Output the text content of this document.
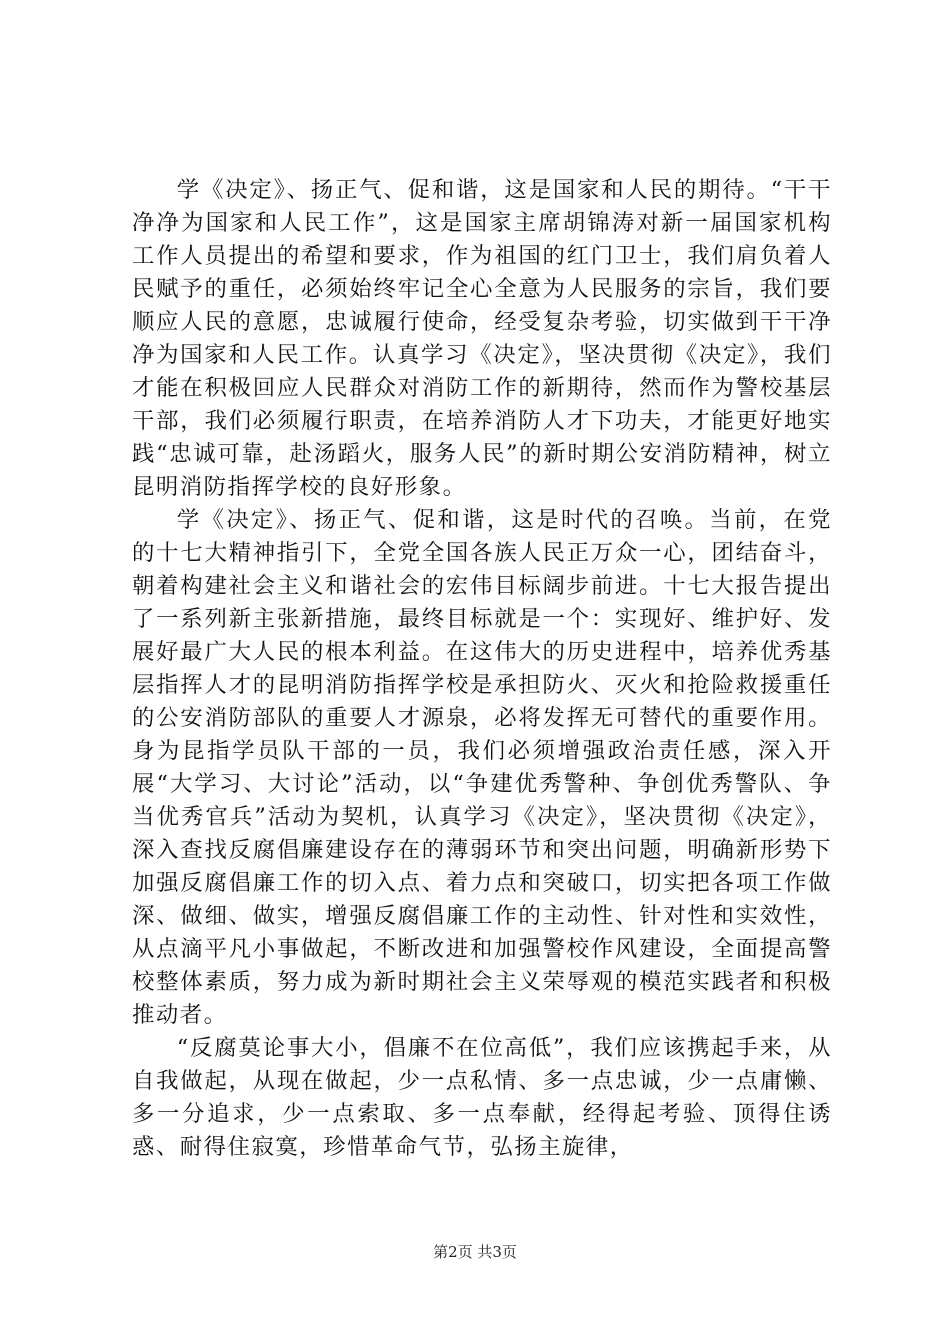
学《决定》、扬正气、促和谐，这是国家和人民的期待。“干干净净为国家和人民工作”，这是国家主席胡锦涛对新一届国家机构工作人员提出的希望和要求，作为祖国的红门卫士，我们肩负着人民赋予的重任，必须始终牢记全心全意为人民服务的宗旨，我们要顺应人民的意愿，忠诚履行使命，经受复杂考验，切实做到干干净净为国家和人民工作。认真学习《决定》，坚决贯彻《决定》，我们才能在积极回应人民群众对消防工作的新期待，然而作为警校基层干部，我们必须履行职责，在培养消防人才下功夫，才能更好地实践“忠诚可靠，赴汤蹈火，服务人民”的新时期公安消防精神，树立昆明消防指挥学校的良好形象。

学《决定》、扬正气、促和谐，这是时代的召唤。当前，在党的十七大精神指引下，全党全国各族人民正万众一心，团结奋斗，朝着构建社会主义和谐社会的宏伟目标阔步前进。十七大报告提出了一系列新主张新措施，最终目标就是一个：实现好、维护好、发展好最广大人民的根本利益。在这伟大的历史进程中，培养优秀基层指挥人才的昆明消防指挥学校是承担防火、灭火和抢险救援重任的公安消防部队的重要人才源泉，必将发挥无可替代的重要作用。身为昆指学员队干部的一员，我们必须增强政治责任感，深入开展“大学习、大讨论”活动，以“争建优秀警种、争创优秀警队、争当优秀官兵”活动为契机，认真学习《决定》，坚决贯彻《决定》，深入查找反腐倡廉建设存在的薄弱环节和突出问题，明确新形势下加强反腐倡廉工作的切入点、着力点和突破口，切实把各项工作做深、做细、做实，增强反腐倡廉工作的主动性、针对性和实效性，从点滴平凡小事做起，不断改进和加强警校作风建设，全面提高警校整体素质，努力成为新时期社会主义荣辱观的模范实践者和积极推动者。

“反腐莫论事大小，倡廉不在位高低”，我们应该携起手来，从自我做起，从现在做起，少一点私情、多一点忠诚，少一点庸懒、多一分追求，少一点索取、多一点奉献，经得起考验、顶得住诱惑、耐得住寂寞，珍惜革命气节，弘扬主旋律，

第2页 共3页
